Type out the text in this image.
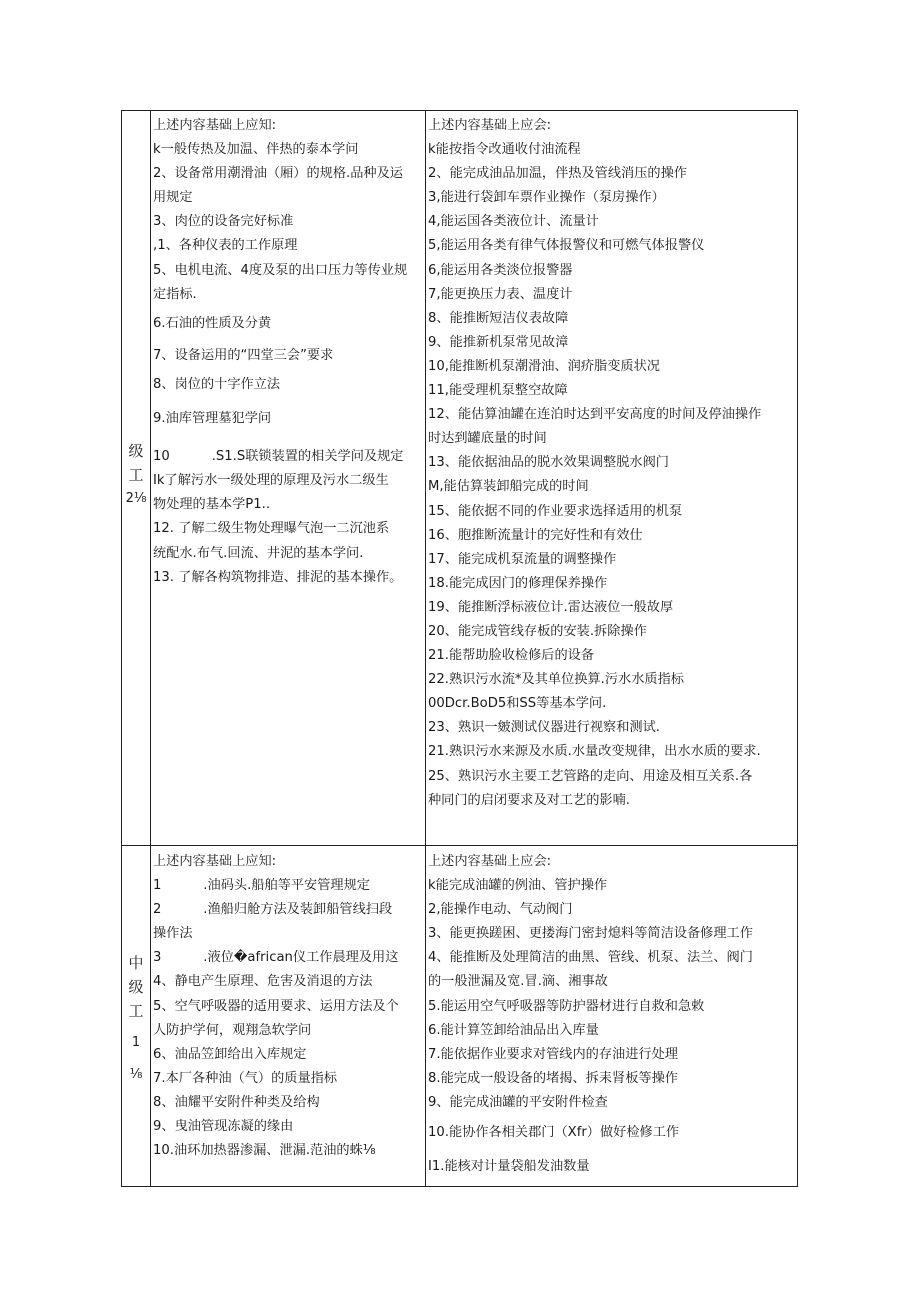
级
工
2⅛
上述内容基础上应知:
k一般传热及加温、伴热的泰本学问
2、设备常用潮滑油（厢）的规格.品种及运
用规定
3、肉位的设备完好标准
,1、各种仪表的工作原理
5、电机电流、4度及泵的出口压力等传业规
定指标.
6.石油的性质及分黄
7、设备运用的“四堂三会”要求
8、岗位的十字作立法
9.油库管理墓犯学问
10          .S1.S联锁装置的相关学问及规定
Ik了解污水一级处理的原理及污水二级生
物处理的基本学P1..
12. 了解二级生物处理曝气泡一二沉池系
统配水.布气.回流、井泥的基本学问.
13. 了解各构筑物排造、排泥的基本操作。
上述内容基础上应会:
k能按指令改通收付油流程
2、能完成油品加温，伴热及管线消压的操作
3,能进行袋卸车票作业操作（泵房操作）
4,能运国各类液位计、流量计
5,能运用各类有律气体报警仪和可燃气体报警仪
6,能运用各类淡位报警器
7,能更换压力表、温度计
8、能推断短洁仪表故障
9、能推新机泵常见故漳
10,能推断机泵潮滑油、润疥脂变质状况
11,能受理机泵整空故障
12、能估算油罐在连泊时达到平安高度的时间及停油操作
时达到罐底量的时间
13、能依据油品的脱水效果调整脱水阀门
M,能估算装卸船完成的时间
15、能依据不同的作业要求选择适用的机泵
16、胞推断流量计的完好性和有效仕
17、能完成机泵流量的调整操作
18.能完成因门的修理保养操作
19、能推断浮标液位计.雷达液位一般故厚
20、能完成管线存板的安装.拆除操作
21.能帮助脸收检修后的设备
22.熟识污水流*及其单位换算.污水水质指标
00Dcr.BoD5和SS等基本学问.
23、熟识一皴测试仪器进行视察和测试.
21.熟识污水来源及水质.水量改变规律，出水水质的要求.
25、熟识污水主要工艺管路的走向、用途及相互关系.各
种同门的启闭要求及对工艺的影喃.
中
级
工
1
⅛
上述内容基础上应知:
1          .油码头.船舶等平安管理规定
2          .渔船归舱方法及装卸船管线扫段
操作法
3          .液位�african仪工作晨理及用这
4、静电产生原理、危害及消退的方法
5、空气呼吸器的适用要求、运用方法及个
人防护学何，观翔急软学问
6、油品笠卸给出入库规定
7.本厂各种油（气）的质量指标
8、油耀平安附件种类及给构
9、曳油管现冻凝的缘由
10.油环加热器渗漏、泄漏.范油的蛛⅛
上述内容基础上应会:
k能完成油罐的例油、管护操作
2,能操作电动、气动阀门
3、能更换蹉困、更搂海门密封熄料等简洁设备修理工作
4、能推断及处理简洁的曲黑、管线、机泵、法兰、阀门
的一般泄漏及宽.冒.滴、湘事故
5.能运用空气呼吸器等防护器材进行自救和急敕
6.能计算笠卸给油品出入库量
7.能依据作业要求对管线内的存油进行处理
8.能完成一般设备的堵揭、拆耒肾板等操作
9、能完成油罐的平安附件检查
10.能协作各相关郡门（Xfr）做好检修工作
I1.能核对计量袋船发油数量
